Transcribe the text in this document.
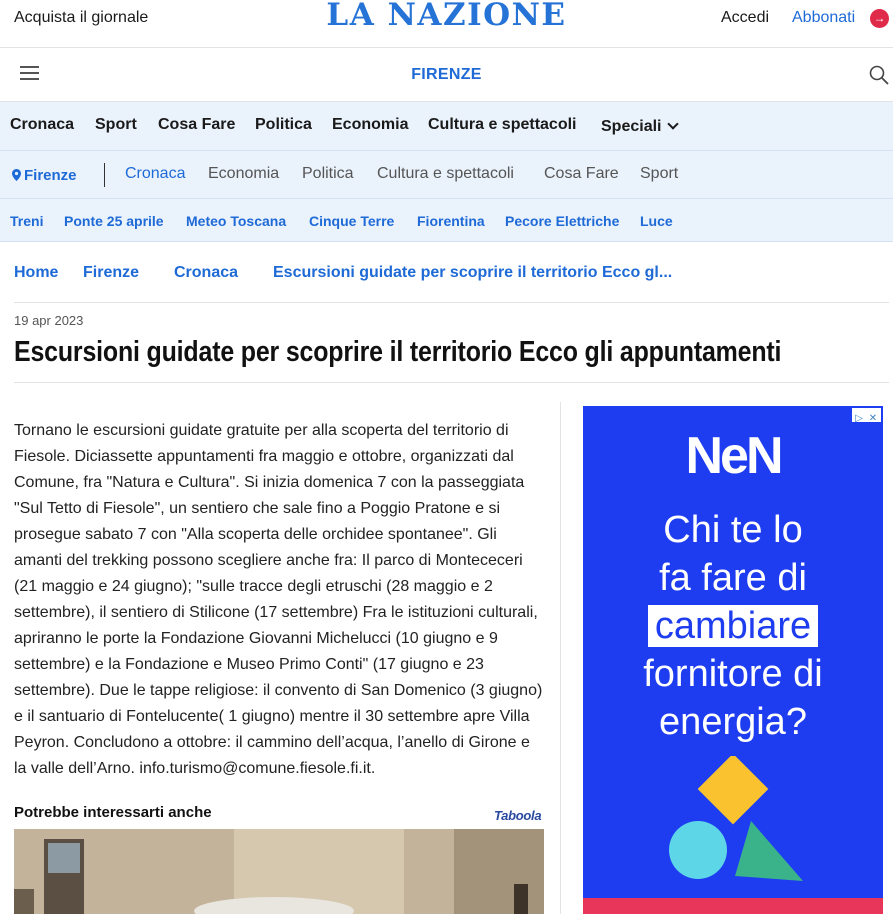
Acquista il giornale	LA NAZIONE	Accedi Abbonati →
FIRENZE
Cronaca Sport Cosa Fare Politica Economia Cultura e spettacoli Speciali
Firenze	Cronaca Economia Politica Cultura e spettacoli Cosa Fare Sport
Treni Ponte 25 aprile Meteo Toscana Cinque Terre Fiorentina Pecore Elettriche Luce
Home Firenze Cronaca Escursioni guidate per scoprire il territorio Ecco gl...
19 apr 2023
Escursioni guidate per scoprire il territorio Ecco gli appuntamenti

Tornano le escursioni guidate gratuite per alla scoperta del territorio di Fiesole. Diciassette appuntamenti fra maggio e ottobre, organizzati dal Comune, fra "Natura e Cultura". Si inizia domenica 7 con la passeggiata "Sul Tetto di Fiesole", un sentiero che sale fino a Poggio Pratone e si prosegue sabato 7 con "Alla scoperta delle orchidee spontanee". Gli amanti del trekking possono scegliere anche fra: Il parco di Montececeri (21 maggio e 24 giugno); "sulle tracce degli etruschi (28 maggio e 2 settembre), il sentiero di Stilicone (17 settembre) Fra le istituzioni culturali, apriranno le porte la Fondazione Giovanni Michelucci (10 giugno e 9 settembre) e la Fondazione e Museo Primo Conti" (17 giugno e 23 settembre). Due le tappe religiose: il convento di San Domenico (3 giugno) e il santuario di Fontelucente( 1 giugno) mentre il 30 settembre apre Villa Peyron. Concludono a ottobre: il cammino dell’acqua, l’anello di Girone e la valle dell’Arno. info.turismo@comune.fiesole.fi.it.

Potrebbe interessarti anche	Taboola
▷ ✕
NeN
Chi te lo
fa fare di
cambiare
fornitore di
energia?
